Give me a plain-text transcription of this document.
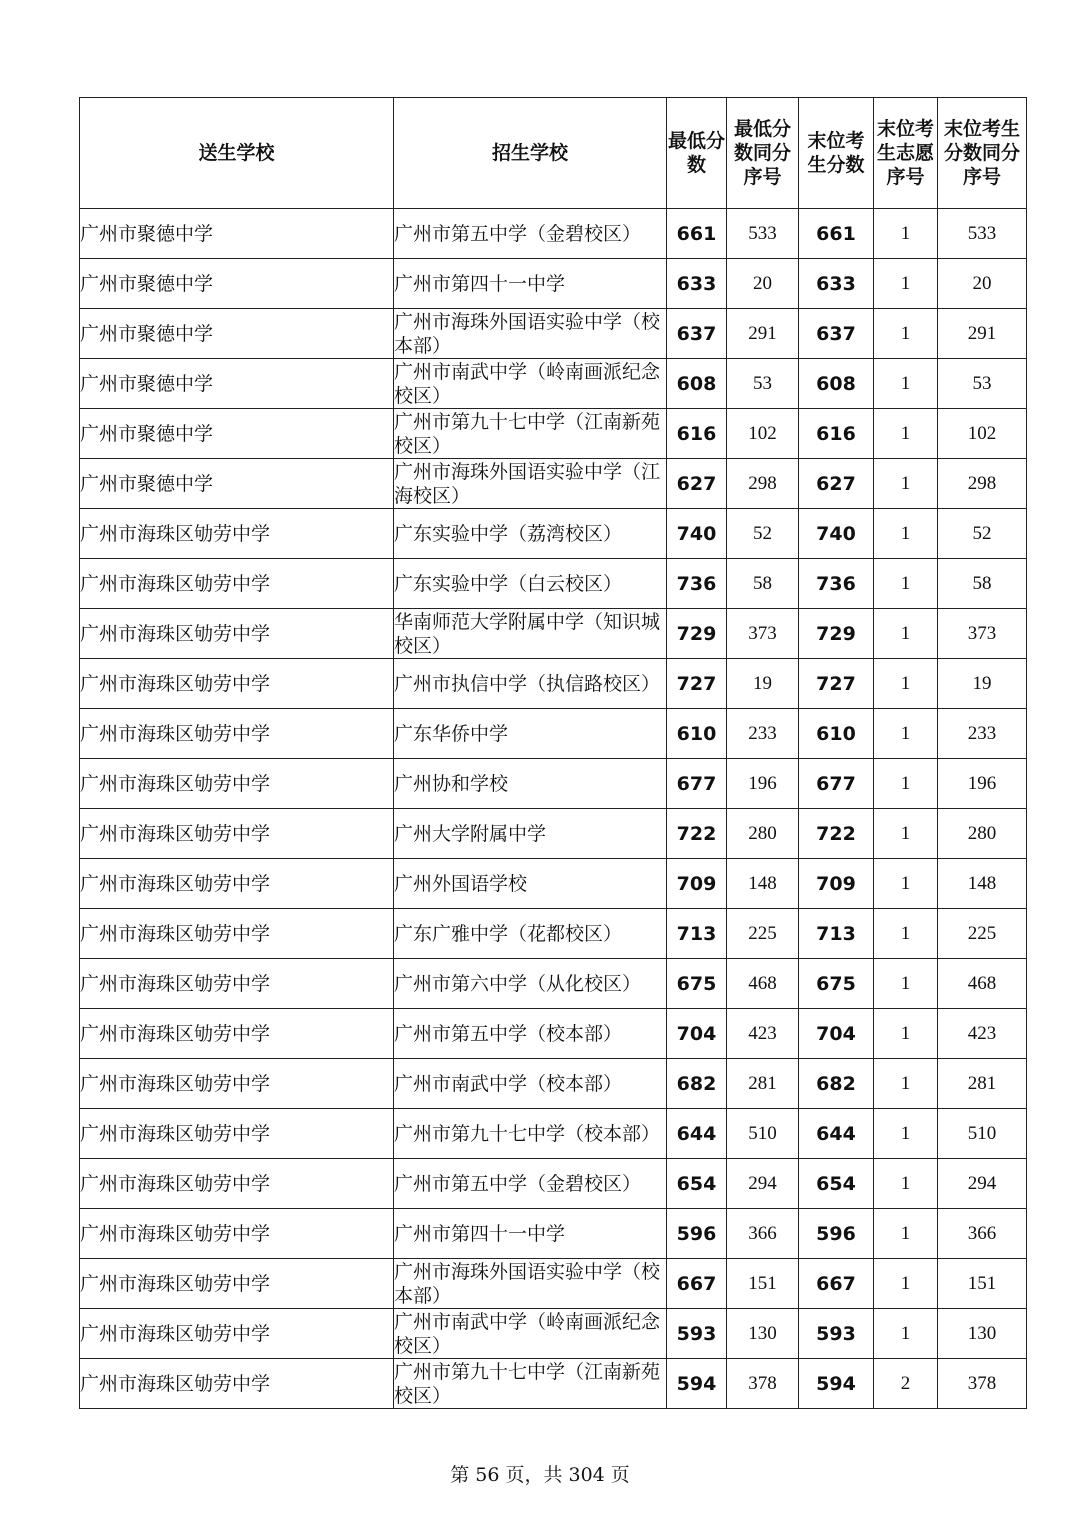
送生学校	招生学校	最低分数	最低分数同分序号	末位考生分数	末位考生志愿序号	末位考生分数同分序号
广州市聚德中学	广州市第五中学（金碧校区）	661	533	661	1	533
广州市聚德中学	广州市第四十一中学	633	20	633	1	20
广州市聚德中学	广州市海珠外国语实验中学（校本部）	637	291	637	1	291
广州市聚德中学	广州市南武中学（岭南画派纪念校区）	608	53	608	1	53
广州市聚德中学	广州市第九十七中学（江南新苑校区）	616	102	616	1	102
广州市聚德中学	广州市海珠外国语实验中学（江海校区）	627	298	627	1	298
广州市海珠区劬劳中学	广东实验中学（荔湾校区）	740	52	740	1	52
广州市海珠区劬劳中学	广东实验中学（白云校区）	736	58	736	1	58
广州市海珠区劬劳中学	华南师范大学附属中学（知识城校区）	729	373	729	1	373
广州市海珠区劬劳中学	广州市执信中学（执信路校区）	727	19	727	1	19
广州市海珠区劬劳中学	广东华侨中学	610	233	610	1	233
广州市海珠区劬劳中学	广州协和学校	677	196	677	1	196
广州市海珠区劬劳中学	广州大学附属中学	722	280	722	1	280
广州市海珠区劬劳中学	广州外国语学校	709	148	709	1	148
广州市海珠区劬劳中学	广东广雅中学（花都校区）	713	225	713	1	225
广州市海珠区劬劳中学	广州市第六中学（从化校区）	675	468	675	1	468
广州市海珠区劬劳中学	广州市第五中学（校本部）	704	423	704	1	423
广州市海珠区劬劳中学	广州市南武中学（校本部）	682	281	682	1	281
广州市海珠区劬劳中学	广州市第九十七中学（校本部）	644	510	644	1	510
广州市海珠区劬劳中学	广州市第五中学（金碧校区）	654	294	654	1	294
广州市海珠区劬劳中学	广州市第四十一中学	596	366	596	1	366
广州市海珠区劬劳中学	广州市海珠外国语实验中学（校本部）	667	151	667	1	151
广州市海珠区劬劳中学	广州市南武中学（岭南画派纪念校区）	593	130	593	1	130
广州市海珠区劬劳中学	广州市第九十七中学（江南新苑校区）	594	378	594	2	378
第 56 页，共 304 页
